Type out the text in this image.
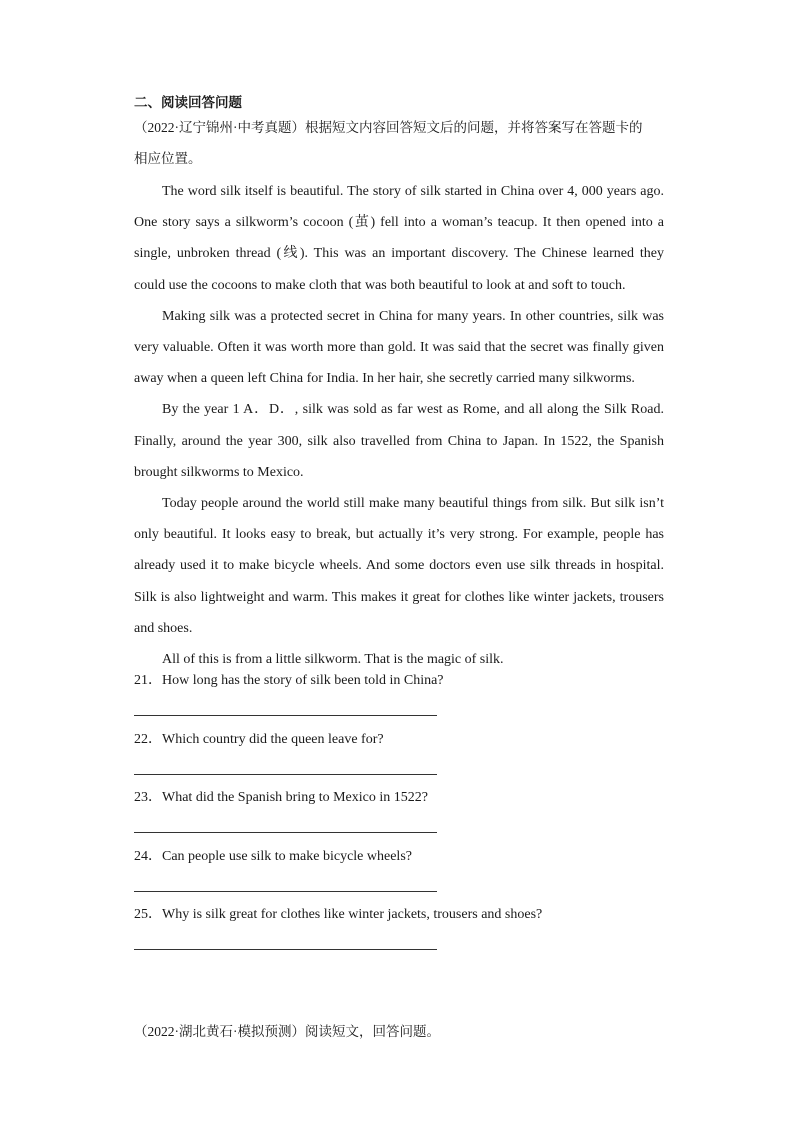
二、阅读回答问题
（2022·辽宁锦州·中考真题）根据短文内容回答短文后的问题，并将答案写在答题卡的
相应位置。

The word silk itself is beautiful. The story of silk started in China over 4, 000 years ago. One story says a silkworm’s cocoon (茧) fell into a woman’s teacup. It then opened into a single, unbroken thread (线). This was an important discovery. The Chinese learned they could use the cocoons to make cloth that was both beautiful to look at and soft to touch.

Making silk was a protected secret in China for many years. In other countries, silk was very valuable. Often it was worth more than gold. It was said that the secret was finally given away when a queen left China for India. In her hair, she secretly carried many silkworms.

By the year 1 A．D．, silk was sold as far west as Rome, and all along the Silk Road. Finally, around the year 300, silk also travelled from China to Japan. In 1522, the Spanish brought silkworms to Mexico.

Today people around the world still make many beautiful things from silk. But silk isn’t only beautiful. It looks easy to break, but actually it’s very strong. For example, people has already used it to make bicycle wheels. And some doctors even use silk threads in hospital. Silk is also lightweight and warm. This makes it great for clothes like winter jackets, trousers and shoes.

All of this is from a little silkworm. That is the magic of silk.

21．How long has the story of silk been told in China?
22．Which country did the queen leave for?
23．What did the Spanish bring to Mexico in 1522?
24．Can people use silk to make bicycle wheels?
25．Why is silk great for clothes like winter jackets, trousers and shoes?
（2022·湖北黄石·模拟预测）阅读短文，回答问题。
